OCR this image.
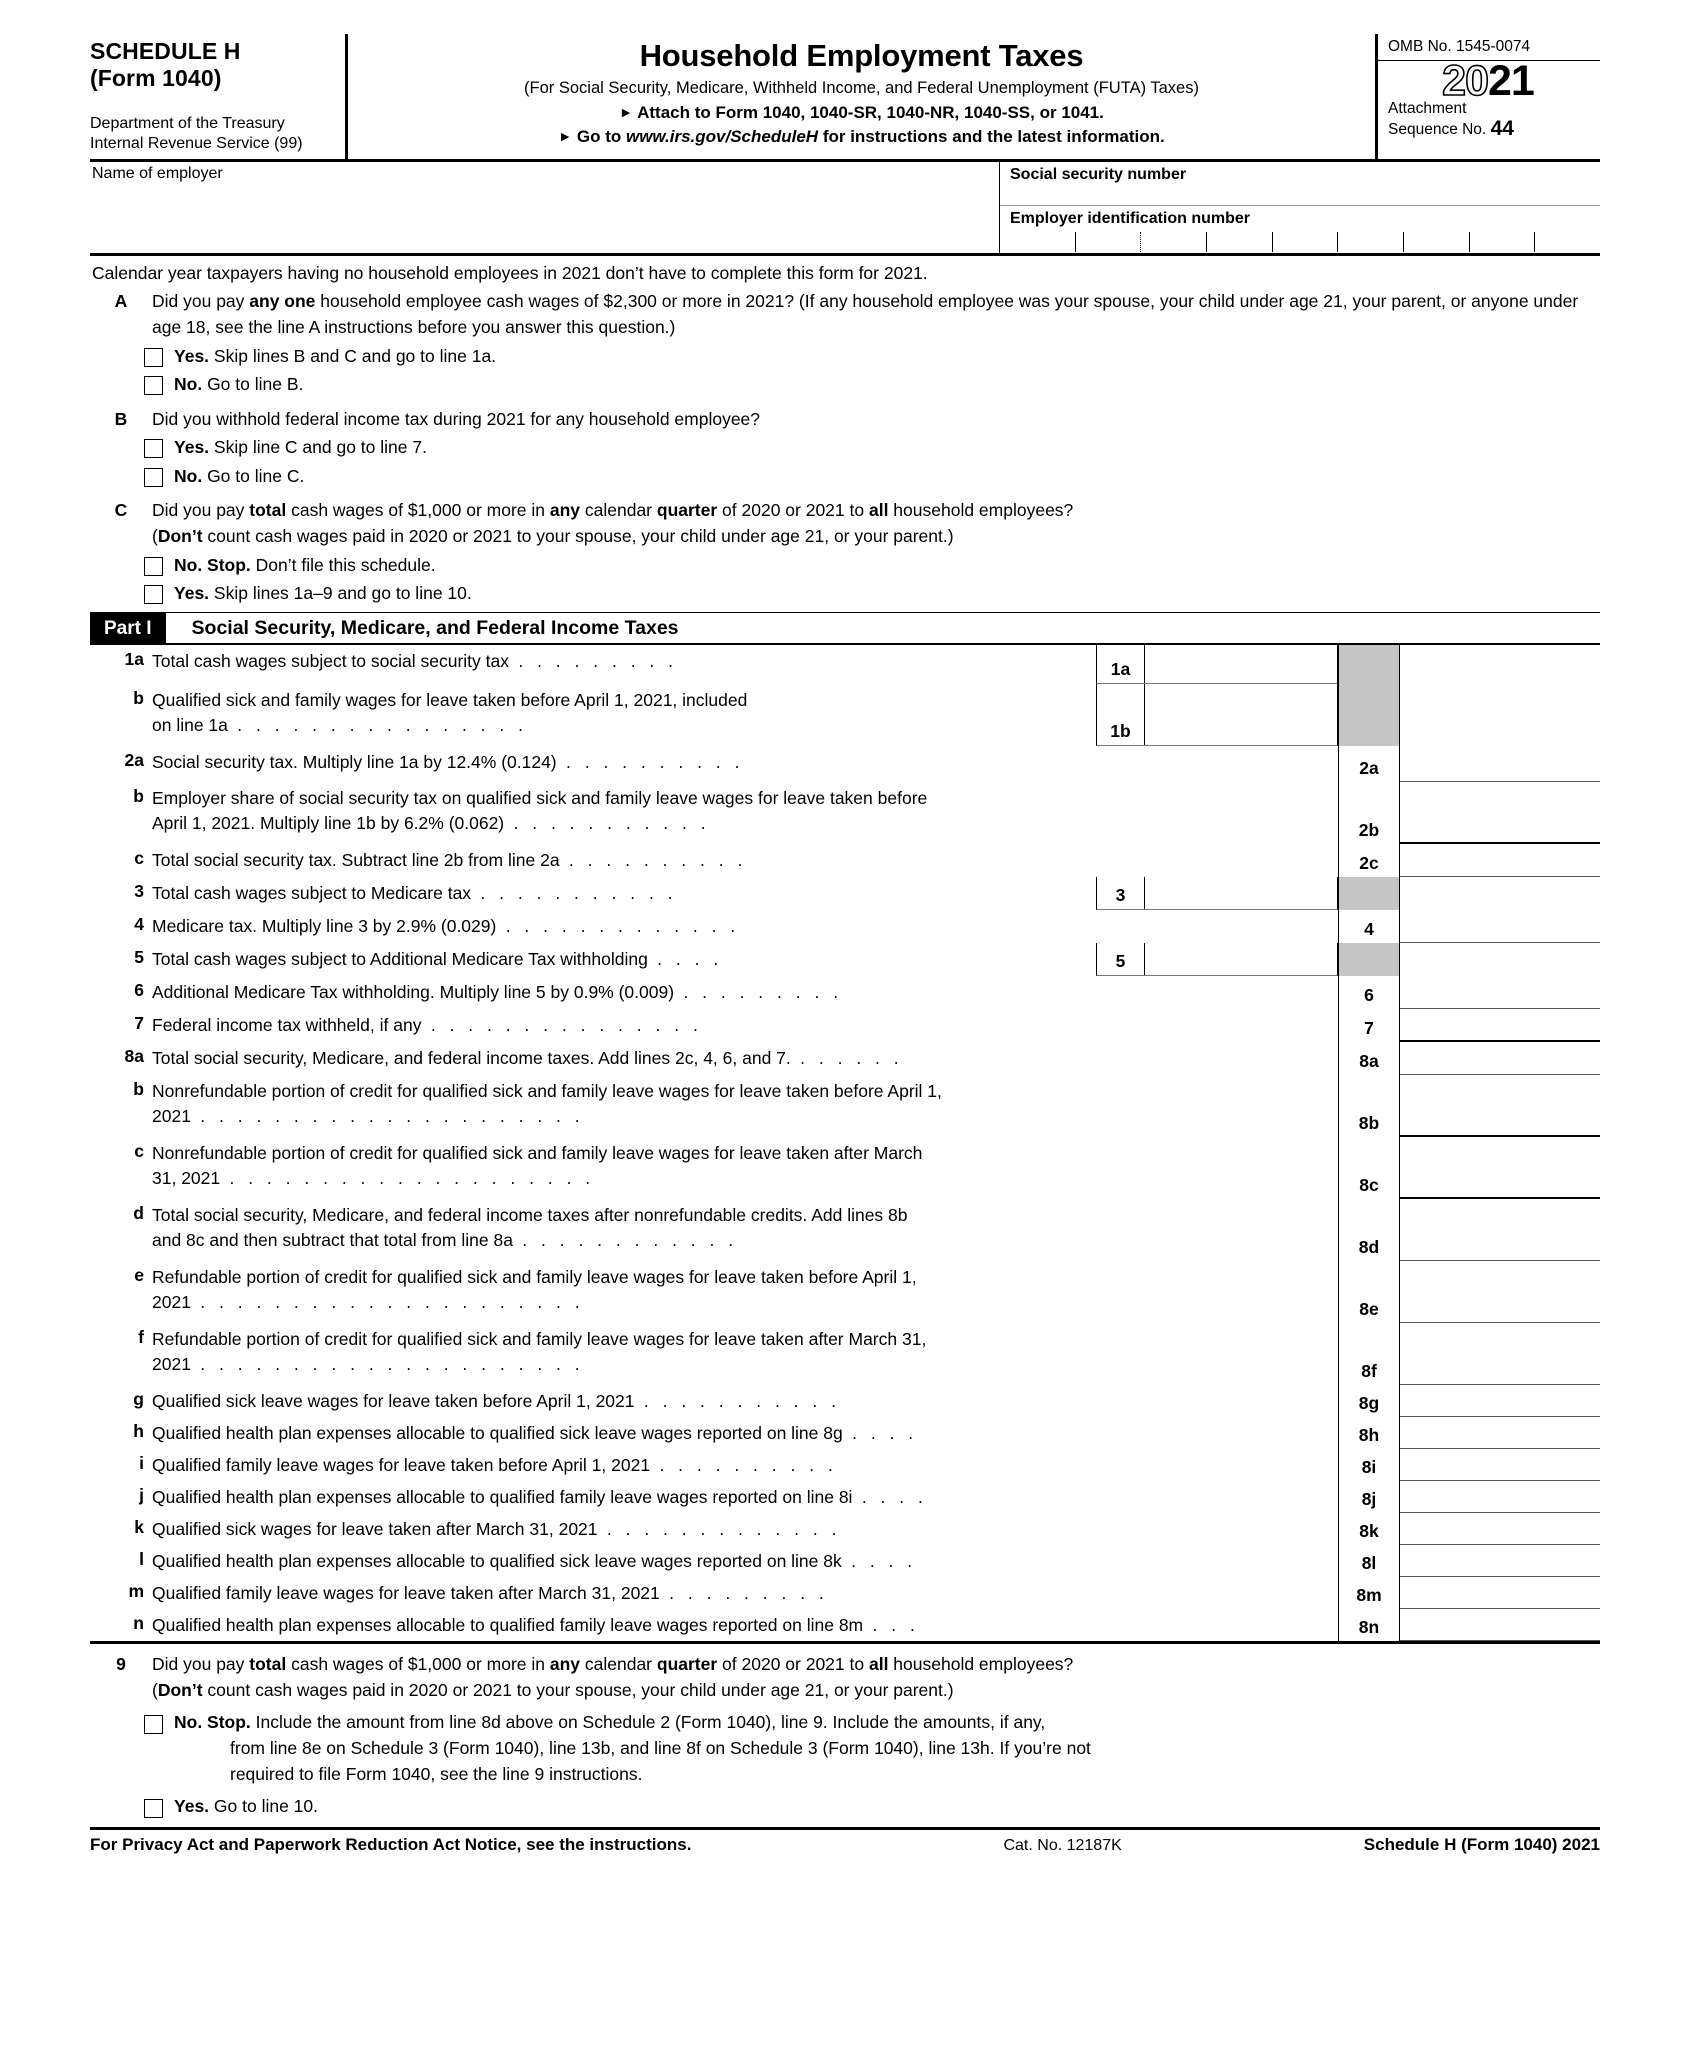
SCHEDULE H
(Form 1040)
Department of the Treasury
Internal Revenue Service (99)
Household Employment Taxes
(For Social Security, Medicare, Withheld Income, and Federal Unemployment (FUTA) Taxes)
► Attach to Form 1040, 1040-SR, 1040-NR, 1040-SS, or 1041.
► Go to www.irs.gov/ScheduleH for instructions and the latest information.
OMB No. 1545-0074
2021
Attachment
Sequence No. 44
Name of employer	Social security number
Employer identification number
Calendar year taxpayers having no household employees in 2021 don’t have to complete this form for 2021.
A	Did you pay any one household employee cash wages of $2,300 or more in 2021? (If any household employee was your spouse, your child under age 21, your parent, or anyone under age 18, see the line A instructions before you answer this question.)
Yes. Skip lines B and C and go to line 1a.
No. Go to line B.
B	Did you withhold federal income tax during 2021 for any household employee?
Yes. Skip line C and go to line 7.
No. Go to line C.
C	Did you pay total cash wages of $1,000 or more in any calendar quarter of 2020 or 2021 to all household employees?
(Don’t count cash wages paid in 2020 or 2021 to your spouse, your child under age 21, or your parent.)
No. Stop. Don’t file this schedule.
Yes. Skip lines 1a–9 and go to line 10.
Part I	Social Security, Medicare, and Federal Income Taxes
1a Total cash wages subject to social security tax . . . . . . . . .	1a
b Qualified sick and family wages for leave taken before April 1, 2021, included
on line 1a . . . . . . . . . . . . . . . .	1b
2a Social security tax. Multiply line 1a by 12.4% (0.124) . . . . . . . . . .	2a
b Employer share of social security tax on qualified sick and family leave wages for leave taken before
April 1, 2021. Multiply line 1b by 6.2% (0.062) . . . . . . . . . . .	2b
c Total social security tax. Subtract line 2b from line 2a . . . . . . . . . .	2c
3 Total cash wages subject to Medicare tax . . . . . . . . . . .	3
4 Medicare tax. Multiply line 3 by 2.9% (0.029) . . . . . . . . . . . . .	4
5 Total cash wages subject to Additional Medicare Tax withholding . . . .	5
6 Additional Medicare Tax withholding. Multiply line 5 by 0.9% (0.009) . . . . . . . . .	6
7 Federal income tax withheld, if any . . . . . . . . . . . . . . .	7
8a Total social security, Medicare, and federal income taxes. Add lines 2c, 4, 6, and 7. . . . . . .	8a
b Nonrefundable portion of credit for qualified sick and family leave wages for leave taken before April 1,
2021 . . . . . . . . . . . . . . . . . . . . .	8b
c Nonrefundable portion of credit for qualified sick and family leave wages for leave taken after March
31, 2021 . . . . . . . . . . . . . . . . . . . .	8c
d Total social security, Medicare, and federal income taxes after nonrefundable credits. Add lines 8b
and 8c and then subtract that total from line 8a . . . . . . . . . . . .	8d
e Refundable portion of credit for qualified sick and family leave wages for leave taken before April 1,
2021 . . . . . . . . . . . . . . . . . . . . .	8e
f Refundable portion of credit for qualified sick and family leave wages for leave taken after March 31,
2021 . . . . . . . . . . . . . . . . . . . . .	8f
g Qualified sick leave wages for leave taken before April 1, 2021 . . . . . . . . . . .	8g
h Qualified health plan expenses allocable to qualified sick leave wages reported on line 8g . . . .	8h
i Qualified family leave wages for leave taken before April 1, 2021 . . . . . . . . . .	8i
j Qualified health plan expenses allocable to qualified family leave wages reported on line 8i . . . .	8j
k Qualified sick wages for leave taken after March 31, 2021 . . . . . . . . . . . . .	8k
l Qualified health plan expenses allocable to qualified sick leave wages reported on line 8k . . . .	8l
m Qualified family leave wages for leave taken after March 31, 2021 . . . . . . . . .	8m
n Qualified health plan expenses allocable to qualified family leave wages reported on line 8m . . .	8n
9	Did you pay total cash wages of $1,000 or more in any calendar quarter of 2020 or 2021 to all household employees?
(Don’t count cash wages paid in 2020 or 2021 to your spouse, your child under age 21, or your parent.)
No. Stop. Include the amount from line 8d above on Schedule 2 (Form 1040), line 9. Include the amounts, if any,
from line 8e on Schedule 3 (Form 1040), line 13b, and line 8f on Schedule 3 (Form 1040), line 13h. If you’re not
required to file Form 1040, see the line 9 instructions.
Yes. Go to line 10.
For Privacy Act and Paperwork Reduction Act Notice, see the instructions.	Cat. No. 12187K	Schedule H (Form 1040) 2021
